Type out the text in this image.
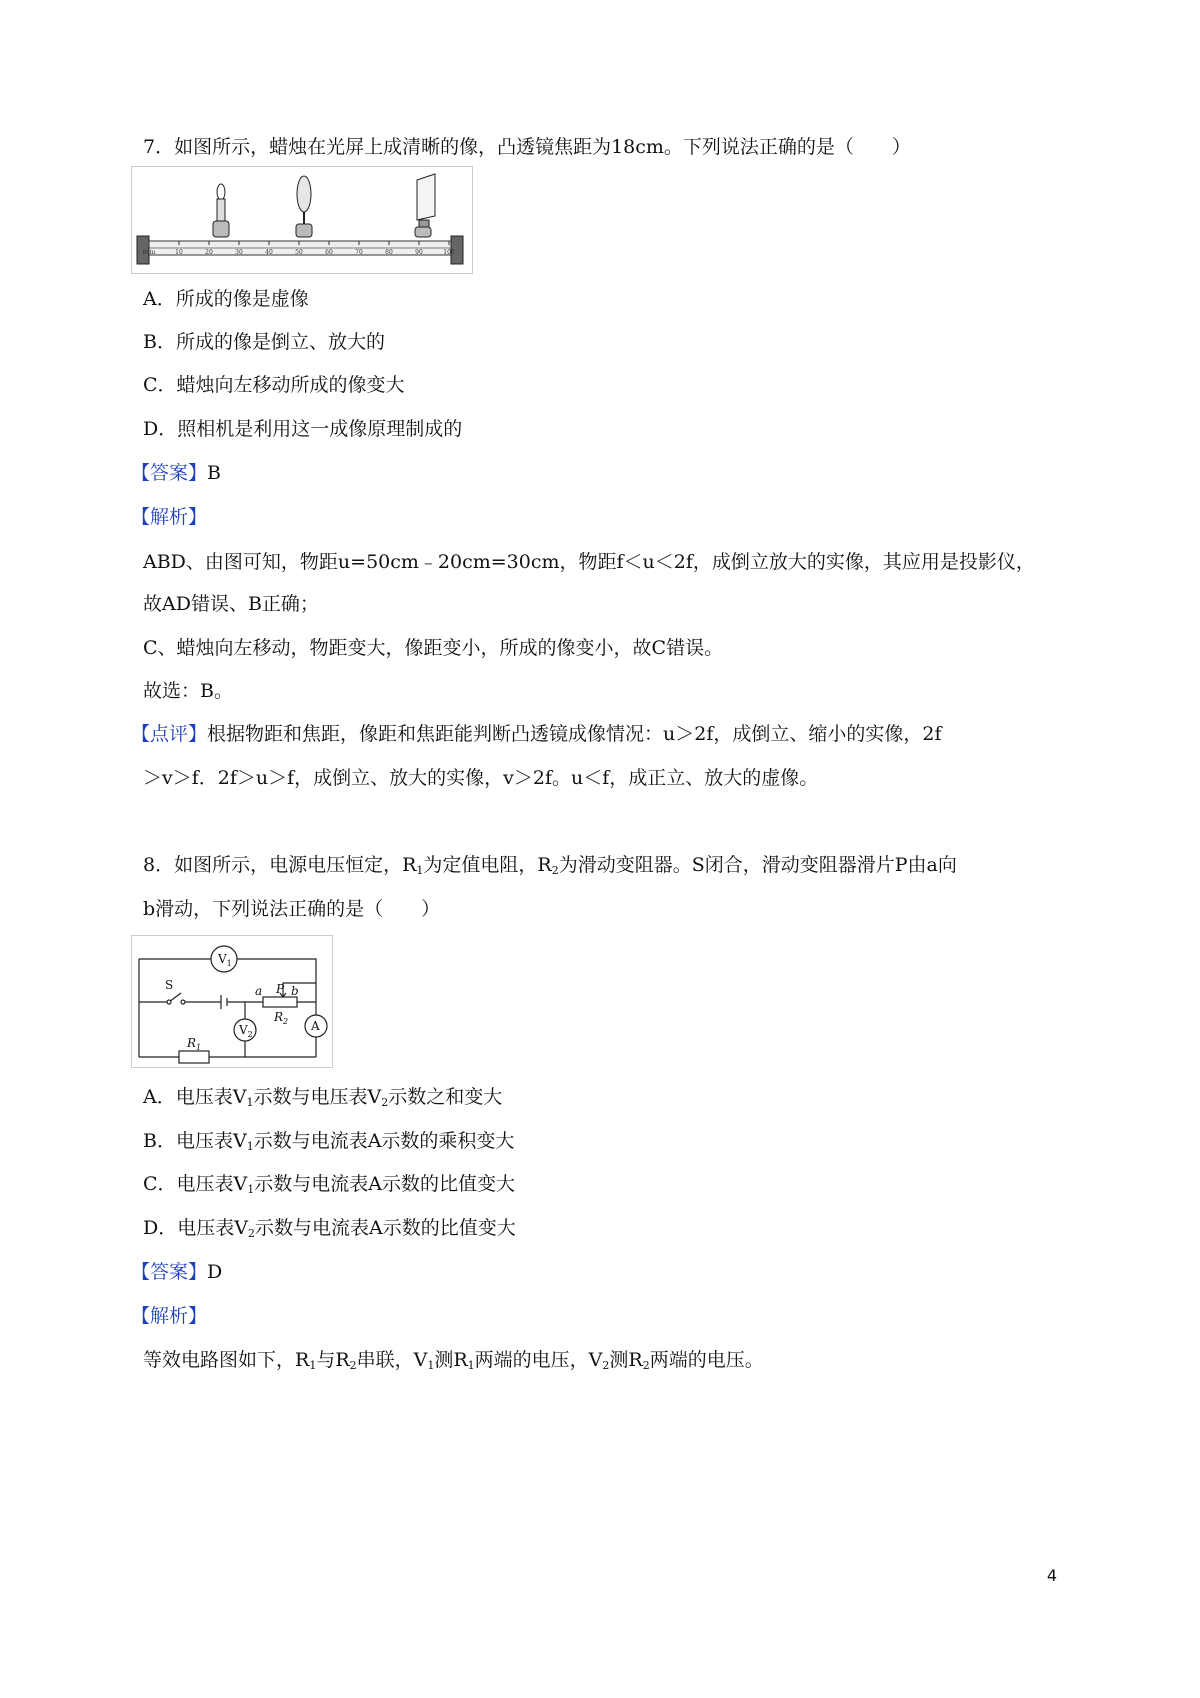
7．如图所示，蜡烛在光屏上成清晰的像，凸透镜焦距为18cm。下列说法正确的是（　　）
0cm	10	20	30	40	50	60	70	80	90	100
A．所成的像是虚像
B．所成的像是倒立、放大的
C．蜡烛向左移动所成的像变大
D．照相机是利用这一成像原理制成的
【答案】B
【解析】
ABD、由图可知，物距u=50cm﹣20cm=30cm，物距f＜u＜2f，成倒立放大的实像，其应用是投影仪，
故AD错误、B正确；
C、蜡烛向左移动，物距变大，像距变小，所成的像变小，故C错误。
故选：B。
【点评】根据物距和焦距，像距和焦距能判断凸透镜成像情况：u＞2f，成倒立、缩小的实像，2f
＞v＞f．2f＞u＞f，成倒立、放大的实像，v＞2f。u＜f，成正立、放大的虚像。
8．如图所示，电源电压恒定，$R_1$为定值电阻，$R_2$为滑动变阻器。S闭合，滑动变阻器滑片P由a向
b滑动，下列说法正确的是（　　）
$V_1$
$V_2$
A
S	a P b
$R_2$
$R_1$
A．电压表$V_1$示数与电压表$V_2$示数之和变大
B．电压表$V_1$示数与电流表A示数的乘积变大
C．电压表$V_1$示数与电流表A示数的比值变大
D．电压表$V_2$示数与电流表A示数的比值变大
【答案】D
【解析】
等效电路图如下，$R_1$与$R_2$串联，$V_1$测$R_1$两端的电压，$V_2$测$R_2$两端的电压。
4
